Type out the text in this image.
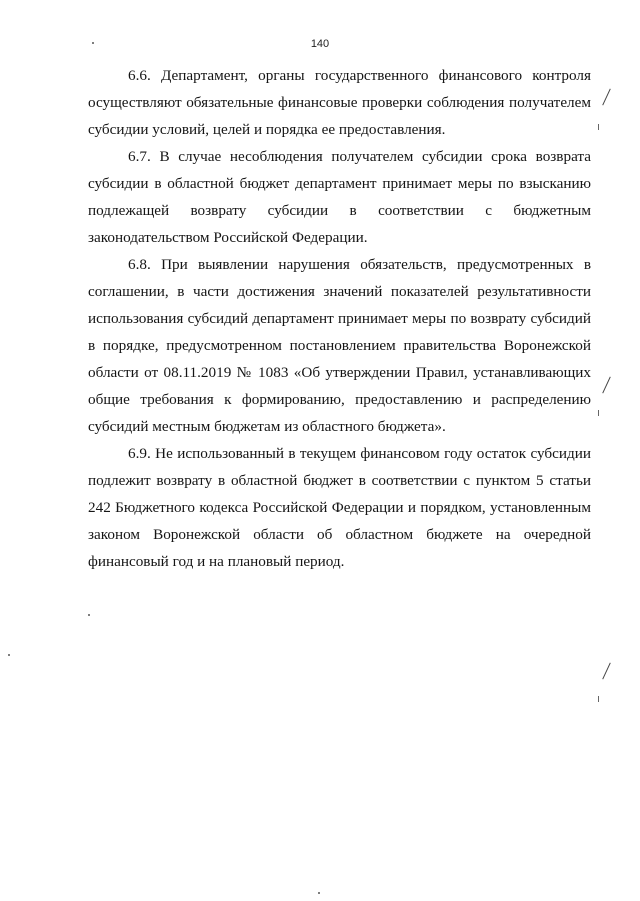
140

6.6. Департамент, органы государственного финансового контроля осуществляют обязательные финансовые проверки соблюдения получателем субсидии условий, целей и порядка ее предоставления.

6.7. В случае несоблюдения получателем субсидии срока возврата субсидии в областной бюджет департамент принимает меры по взысканию подлежащей возврату субсидии в соответствии с бюджетным законодательством Российской Федерации.

6.8. При выявлении нарушения обязательств, предусмотренных в соглашении, в части достижения значений показателей результативности использования субсидий департамент принимает меры по возврату субсидий в порядке, предусмотренном постановлением правительства Воронежской области от 08.11.2019 № 1083 «Об утверждении Правил, устанавливающих общие требования к формированию, предоставлению и распределению субсидий местным бюджетам из областного бюджета».

6.9. Не использованный в текущем финансовом году остаток субсидии подлежит возврату в областной бюджет в соответствии с пунктом 5 статьи 242 Бюджетного кодекса Российской Федерации и порядком, установленным законом Воронежской области об областном бюджете на очередной финансовый год и на плановый период.
